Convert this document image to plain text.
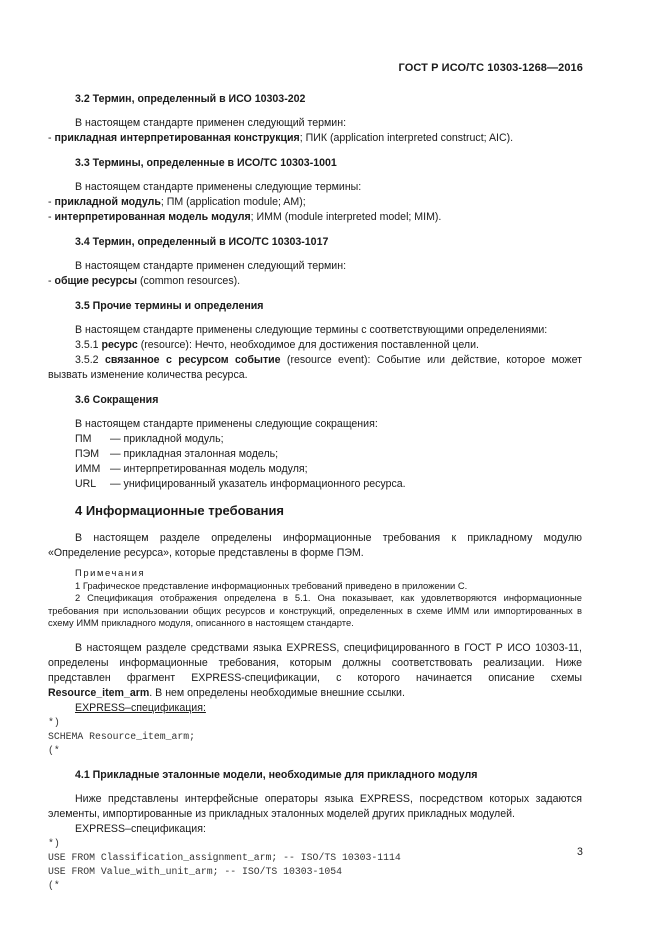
ГОСТ Р ИСО/ТС 10303-1268—2016
3.2 Термин, определенный в ИСО 10303-202

В настоящем стандарте применен следующий термин:

- прикладная интерпретированная конструкция; ПИК (application interpreted construct; AIC).

3.3 Термины, определенные в ИСО/ТС 10303-1001

В настоящем стандарте применены следующие термины:

- прикладной модуль; ПМ (application module; AM);

- интерпретированная модель модуля; ИММ (module interpreted model; MIM).

3.4 Термин, определенный в ИСО/ТС 10303-1017

В настоящем стандарте применен следующий термин:

- общие ресурсы (common resources).

3.5 Прочие термины и определения

В настоящем стандарте применены следующие термины с соответствующими определениями:

3.5.1 ресурс (resource): Нечто, необходимое для достижения поставленной цели.

3.5.2 связанное с ресурсом событие (resource event): Событие или действие, которое может вызвать изменение количества ресурса.

3.6 Сокращения

В настоящем стандарте применены следующие сокращения:

ПМ	— прикладной модуль;
ПЭМ	— прикладная эталонная модель;
ИММ — интерпретированная модель модуля;
URL	— унифицированный указатель информационного ресурса.
4 Информационные требования

В настоящем разделе определены информационные требования к прикладному модулю «Определение ресурса», которые представлены в форме ПЭМ.

Примечания

1 Графическое представление информационных требований приведено в приложении С.

2 Спецификация отображения определена в 5.1. Она показывает, как удовлетворяются информационные требования при использовании общих ресурсов и конструкций, определенных в схеме ИММ или импортированных в схему ИММ прикладного модуля, описанного в настоящем стандарте.

В настоящем разделе средствами языка EXPRESS, специфицированного в ГОСТ Р ИСО 10303-11, определены информационные требования, которым должны соответствовать реализации. Ниже представлен фрагмент EXPRESS-спецификации, с которого начинается описание схемы Resource_item_arm. В нем определены необходимые внешние ссылки.

EXPRESS–спецификация:

*)
SCHEMA Resource_item_arm;
(*
4.1 Прикладные эталонные модели, необходимые для прикладного модуля

Ниже представлены интерфейсные операторы языка EXPRESS, посредством которых задаются элементы, импортированные из прикладных эталонных моделей других прикладных модулей.

EXPRESS–спецификация:

*)
USE FROM Classification_assignment_arm; -- ISO/TS 10303-1114
USE FROM Value_with_unit_arm; -- ISO/TS 10303-1054
(*
3
